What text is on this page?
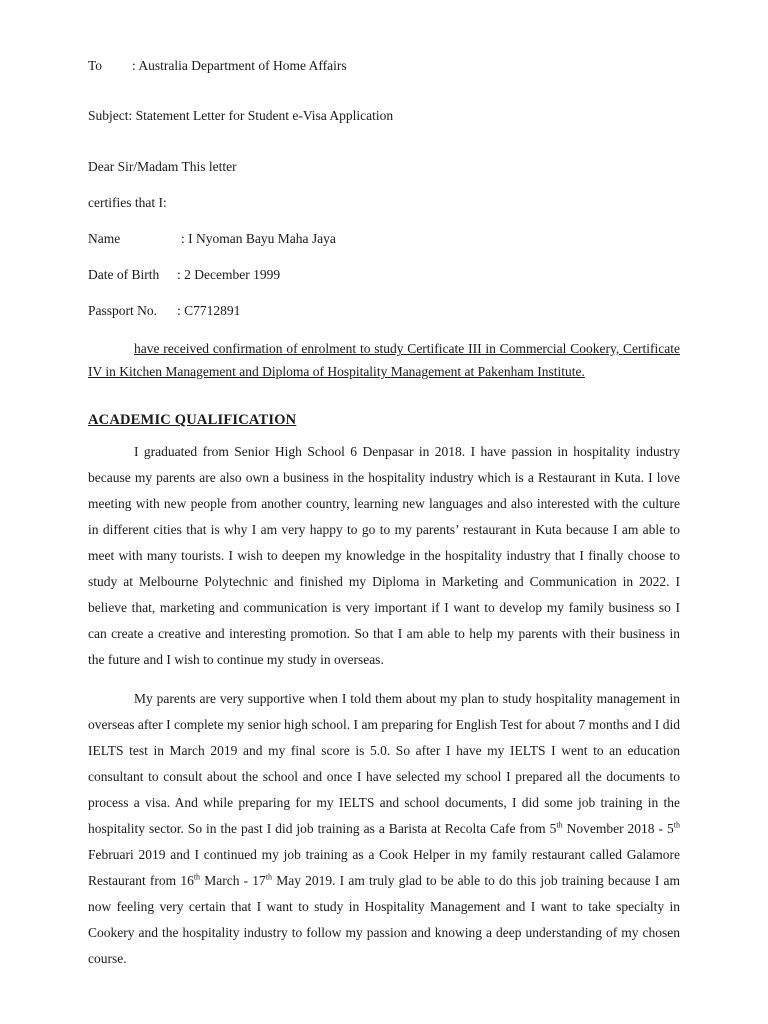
To : Australia Department of Home Affairs
Subject: Statement Letter for Student e-Visa Application
Dear Sir/Madam This letter
certifies that I:
Name	: I Nyoman Bayu Maha Jaya
Date of Birth : 2 December 1999
Passport No. : C7712891
have received confirmation of enrolment to study Certificate III in Commercial Cookery, Certificate IV in Kitchen Management and Diploma of Hospitality Management at Pakenham Institute.
ACADEMIC QUALIFICATION
I graduated from Senior High School 6 Denpasar in 2018. I have passion in hospitality industry because my parents are also own a business in the hospitality industry which is a Restaurant in Kuta. I love meeting with new people from another country, learning new languages and also interested with the culture in different cities that is why I am very happy to go to my parents’ restaurant in Kuta because I am able to meet with many tourists. I wish to deepen my knowledge in the hospitality industry that I finally choose to study at Melbourne Polytechnic and finished my Diploma in Marketing and Communication in 2022. I believe that, marketing and communication is very important if I want to develop my family business so I can create a creative and interesting promotion. So that I am able to help my parents with their business in the future and I wish to continue my study in overseas.
My parents are very supportive when I told them about my plan to study hospitality management in overseas after I complete my senior high school. I am preparing for English Test for about 7 months and I did IELTS test in March 2019 and my final score is 5.0. So after I have my IELTS I went to an education consultant to consult about the school and once I have selected my school I prepared all the documents to process a visa. And while preparing for my IELTS and school documents, I did some job training in the hospitality sector. So in the past I did job training as a Barista at Recolta Cafe from 5th November 2018 - 5th Februari 2019 and I continued my job training as a Cook Helper in my family restaurant called Galamore Restaurant from 16th March - 17th May 2019. I am truly glad to be able to do this job training because I am now feeling very certain that I want to study in Hospitality Management and I want to take specialty in Cookery and the hospitality industry to follow my passion and knowing a deep understanding of my chosen course.
